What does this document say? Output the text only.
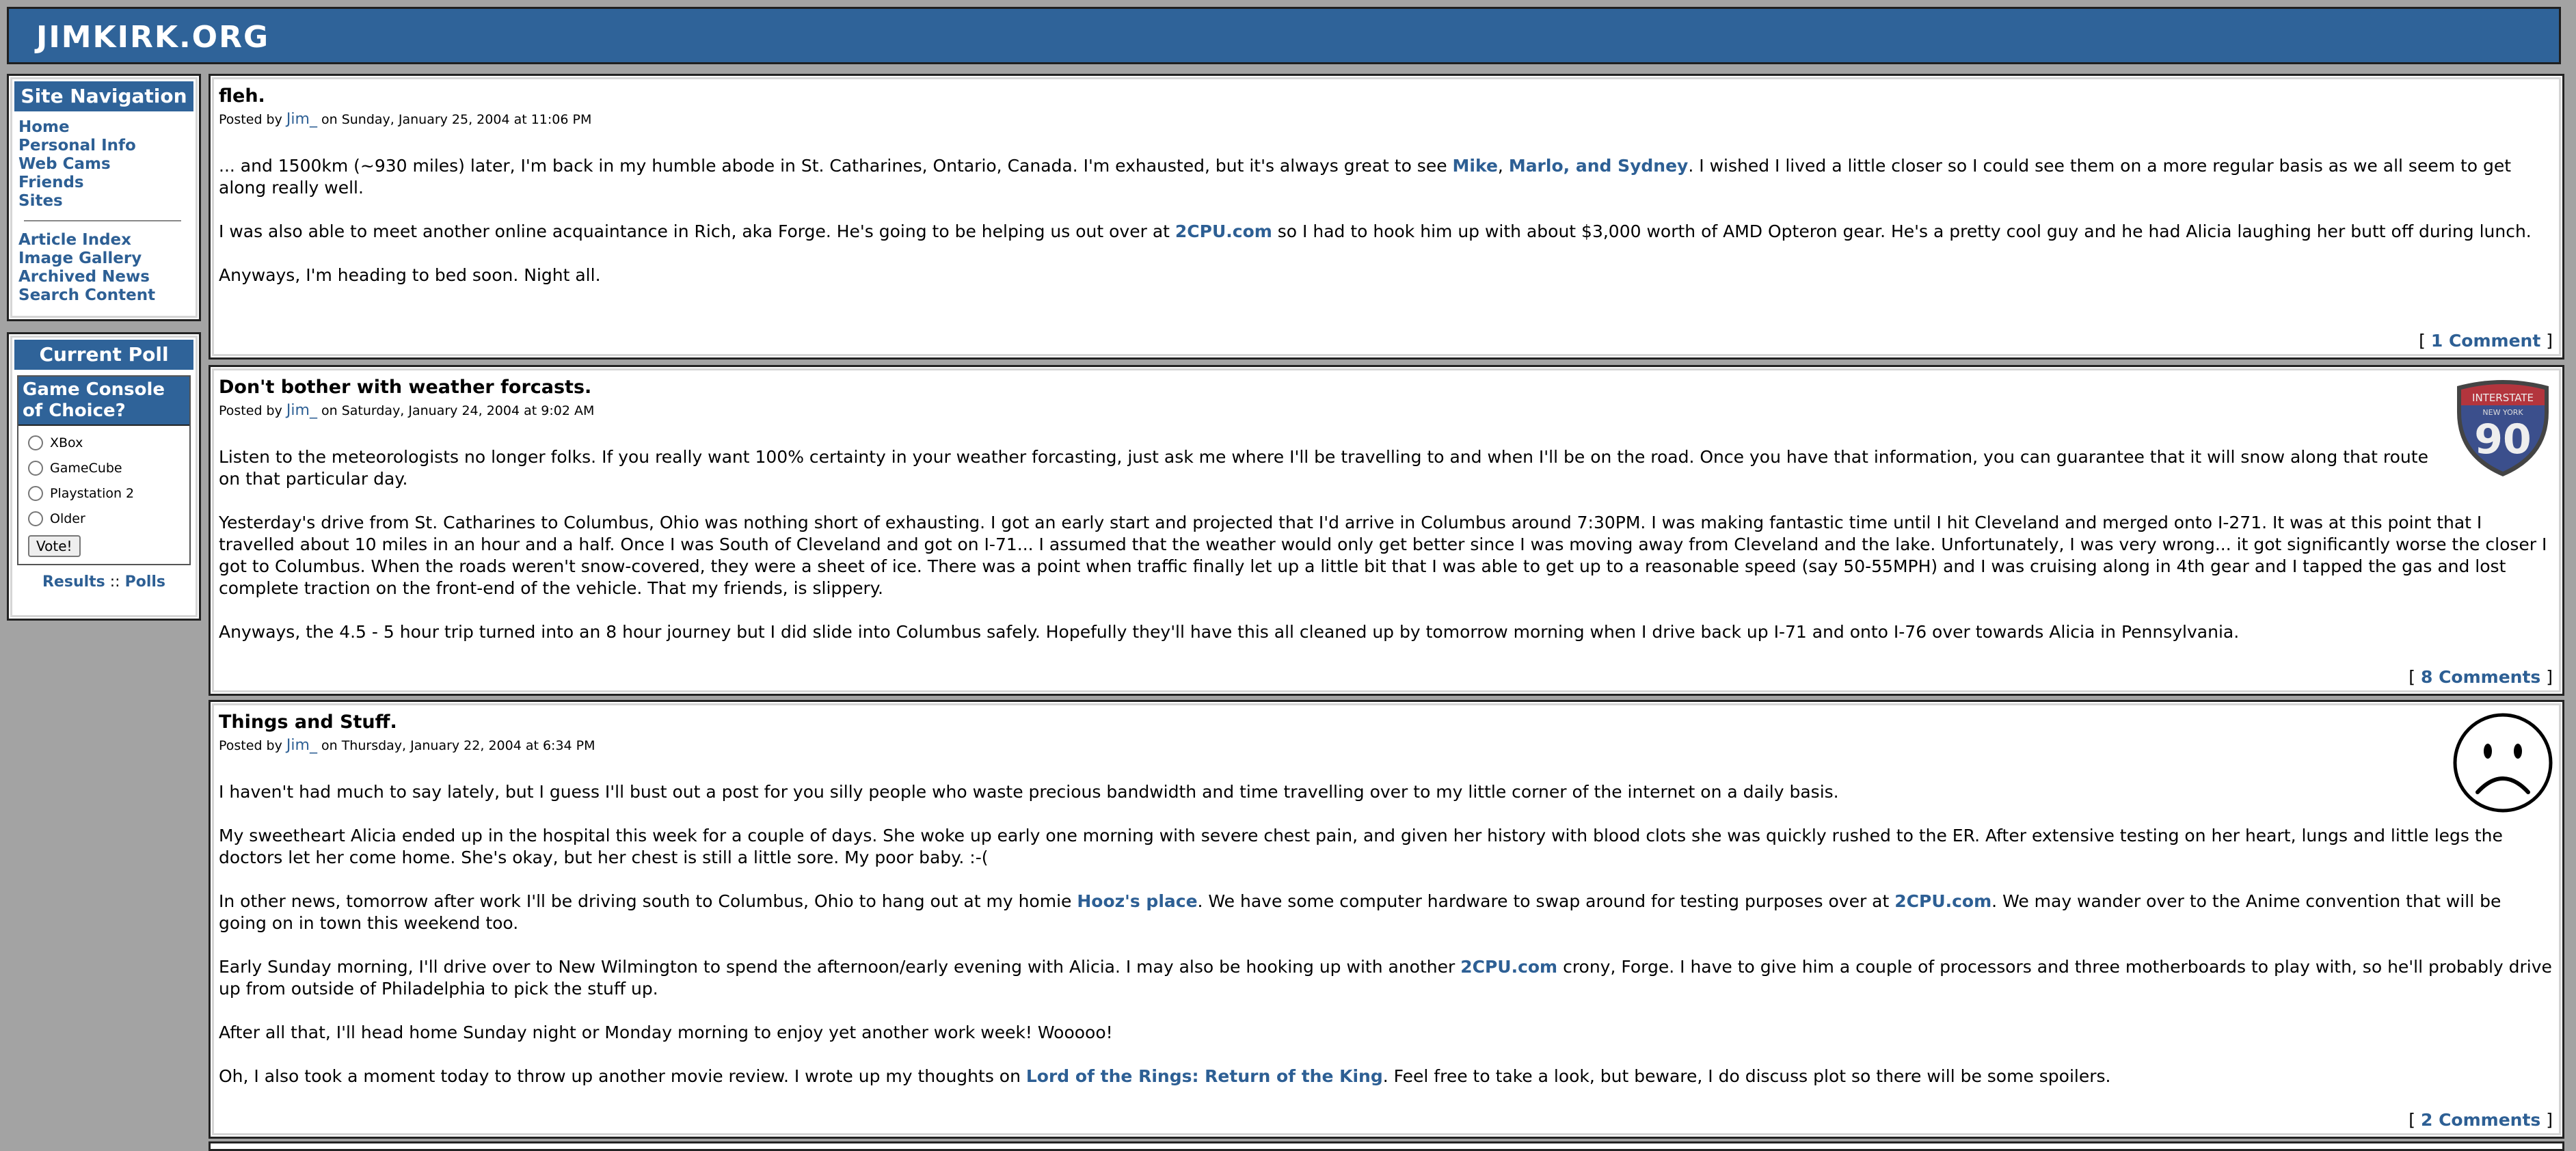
JIMKIRK.ORG
Site Navigation
Home
Personal Info
Web Cams
Friends
Sites
Article Index
Image Gallery
Archived News
Search Content
Current Poll
Game Console of Choice?
XBox
GameCube
Playstation 2
Older
Vote!
Results :: Polls
fleh.
Posted by Jim_ on Sunday, January 25, 2004 at 11:06 PM

... and 1500km (~930 miles) later, I'm back in my humble abode in St. Catharines, Ontario, Canada. I'm exhausted, but it's always great to see Mike, Marlo, and Sydney. I wished I lived a little closer so I could see them on a more regular basis as we all seem to get along really well.

I was also able to meet another online acquaintance in Rich, aka Forge. He's going to be helping us out over at 2CPU.com so I had to hook him up with about $3,000 worth of AMD Opteron gear. He's a pretty cool guy and he had Alicia laughing her butt off during lunch.

Anyways, I'm heading to bed soon. Night all.

[ 1 Comment ]
INTERSTATE
NEW YORK
90
Don't bother with weather forcasts.
Posted by Jim_ on Saturday, January 24, 2004 at 9:02 AM

Listen to the meteorologists no longer folks. If you really want 100% certainty in your weather forcasting, just ask me where I'll be travelling to and when I'll be on the road. Once you have that information, you can guarantee that it will snow along that route on that particular day.

Yesterday's drive from St. Catharines to Columbus, Ohio was nothing short of exhausting. I got an early start and projected that I'd arrive in Columbus around 7:30PM. I was making fantastic time until I hit Cleveland and merged onto I-271. It was at this point that I travelled about 10 miles in an hour and a half. Once I was South of Cleveland and got on I-71... I assumed that the weather would only get better since I was moving away from Cleveland and the lake. Unfortunately, I was very wrong... it got significantly worse the closer I got to Columbus. When the roads weren't snow-covered, they were a sheet of ice. There was a point when traffic finally let up a little bit that I was able to get up to a reasonable speed (say 50-55MPH) and I was cruising along in 4th gear and I tapped the gas and lost complete traction on the front-end of the vehicle. That my friends, is slippery.

Anyways, the 4.5 - 5 hour trip turned into an 8 hour journey but I did slide into Columbus safely. Hopefully they'll have this all cleaned up by tomorrow morning when I drive back up I-71 and onto I-76 over towards Alicia in Pennsylvania.

[ 8 Comments ]
Things and Stuff.
Posted by Jim_ on Thursday, January 22, 2004 at 6:34 PM

I haven't had much to say lately, but I guess I'll bust out a post for you silly people who waste precious bandwidth and time travelling over to my little corner of the internet on a daily basis.

My sweetheart Alicia ended up in the hospital this week for a couple of days. She woke up early one morning with severe chest pain, and given her history with blood clots she was quickly rushed to the ER. After extensive testing on her heart, lungs and little legs the doctors let her come home. She's okay, but her chest is still a little sore. My poor baby. :-(

In other news, tomorrow after work I'll be driving south to Columbus, Ohio to hang out at my homie Hooz's place. We have some computer hardware to swap around for testing purposes over at 2CPU.com. We may wander over to the Anime convention that will be going on in town this weekend too.

Early Sunday morning, I'll drive over to New Wilmington to spend the afternoon/early evening with Alicia. I may also be hooking up with another 2CPU.com crony, Forge. I have to give him a couple of processors and three motherboards to play with, so he'll probably drive up from outside of Philadelphia to pick the stuff up.

After all that, I'll head home Sunday night or Monday morning to enjoy yet another work week! Wooooo!

Oh, I also took a moment today to throw up another movie review. I wrote up my thoughts on Lord of the Rings: Return of the King. Feel free to take a look, but beware, I do discuss plot so there will be some spoilers.

[ 2 Comments ]
